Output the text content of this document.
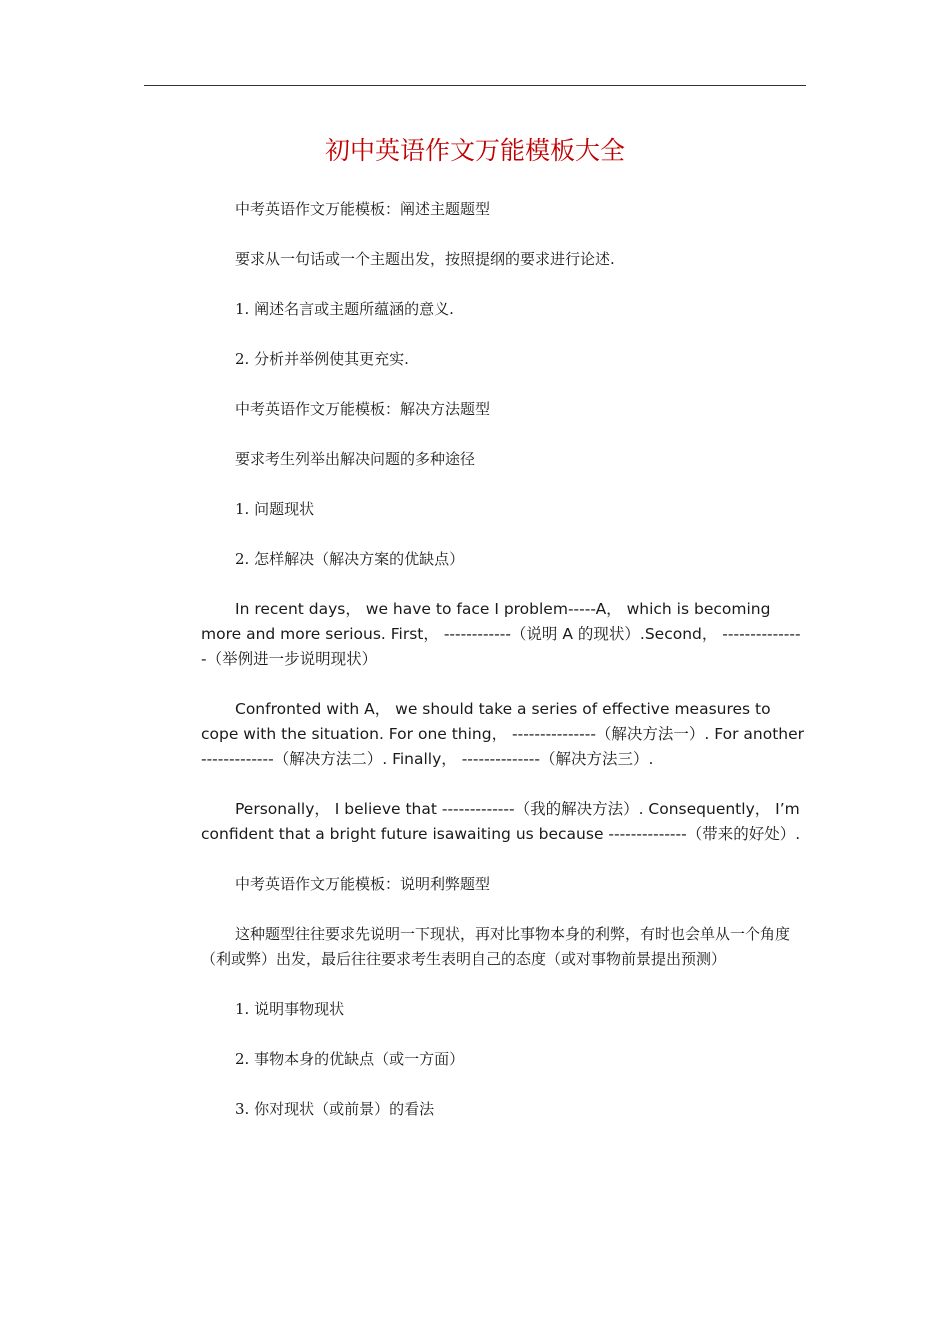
初中英语作文万能模板大全

中考英语作文万能模板：阐述主题题型

要求从一句话或一个主题出发，按照提纲的要求进行论述.

1. 阐述名言或主题所蕴涵的意义.

2. 分析并举例使其更充实.

中考英语作文万能模板：解决方法题型

要求考生列举出解决问题的多种途径

1. 问题现状

2. 怎样解决（解决方案的优缺点）

In recent days， we have to face I problem-----A， which is becoming more and more serious. First， ------------（说明 A 的现状）.Second， ---------------（举例进一步说明现状）

Confronted with A， we should take a series of effective measures to cope with the situation. For one thing， ---------------（解决方法一）. For another -------------（解决方法二）. Finally， --------------（解决方法三）.

Personally， I believe that -------------（我的解决方法）. Consequently， I’m confident that a bright future isawaiting us because --------------（带来的好处）.

中考英语作文万能模板：说明利弊题型

这种题型往往要求先说明一下现状，再对比事物本身的利弊，有时也会单从一个角度（利或弊）出发，最后往往要求考生表明自己的态度（或对事物前景提出预测）

1. 说明事物现状

2. 事物本身的优缺点（或一方面）

3. 你对现状（或前景）的看法
